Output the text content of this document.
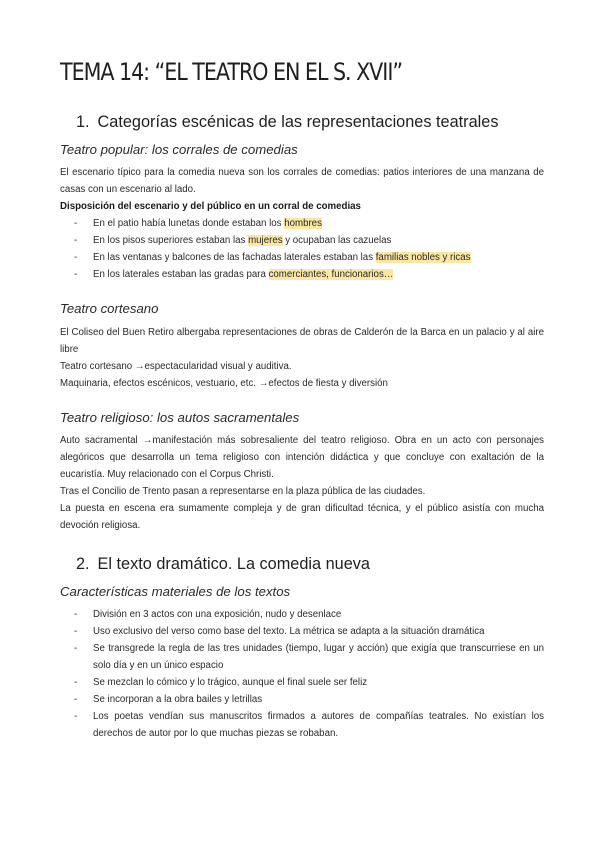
TEMA 14: “EL TEATRO EN EL S. XVII”
1. Categorías escénicas de las representaciones teatrales
Teatro popular: los corrales de comedias

El escenario típico para la comedia nueva son los corrales de comedias: patios interiores de una manzana de casas con un escenario al lado.

Disposición del escenario y del público en un corral de comedias

- En el patio había lunetas donde estaban los hombres
- En los pisos superiores estaban las mujeres y ocupaban las cazuelas
- En las ventanas y balcones de las fachadas laterales estaban las familias nobles y ricas
- En los laterales estaban las gradas para comerciantes, funcionarios…
Teatro cortesano

El Coliseo del Buen Retiro albergaba representaciones de obras de Calderón de la Barca en un palacio y al aire libre

Teatro cortesano →espectacularidad visual y auditiva.

Maquinaria, efectos escénicos, vestuario, etc. →efectos de fiesta y diversión

Teatro religioso: los autos sacramentales

Auto sacramental →manifestación más sobresaliente del teatro religioso. Obra en un acto con personajes alegóricos que desarrolla un tema religioso con intención didáctica y que concluye con exaltación de la eucaristía. Muy relacionado con el Corpus Christi.

Tras el Concilio de Trento pasan a representarse en la plaza pública de las ciudades.

La puesta en escena era sumamente compleja y de gran dificultad técnica, y el público asistía con mucha devoción religiosa.

2. El texto dramático. La comedia nueva
Características materiales de los textos
- División en 3 actos con una exposición, nudo y desenlace
- Uso exclusivo del verso como base del texto. La métrica se adapta a la situación dramática
- Se transgrede la regla de las tres unidades (tiempo, lugar y acción) que exigía que transcurriese en un solo día y en un único espacio
- Se mezclan lo cómico y lo trágico, aunque el final suele ser feliz
- Se incorporan a la obra bailes y letrillas
- Los poetas vendían sus manuscritos firmados a autores de compañías teatrales. No existían los derechos de autor por lo que muchas piezas se robaban.
